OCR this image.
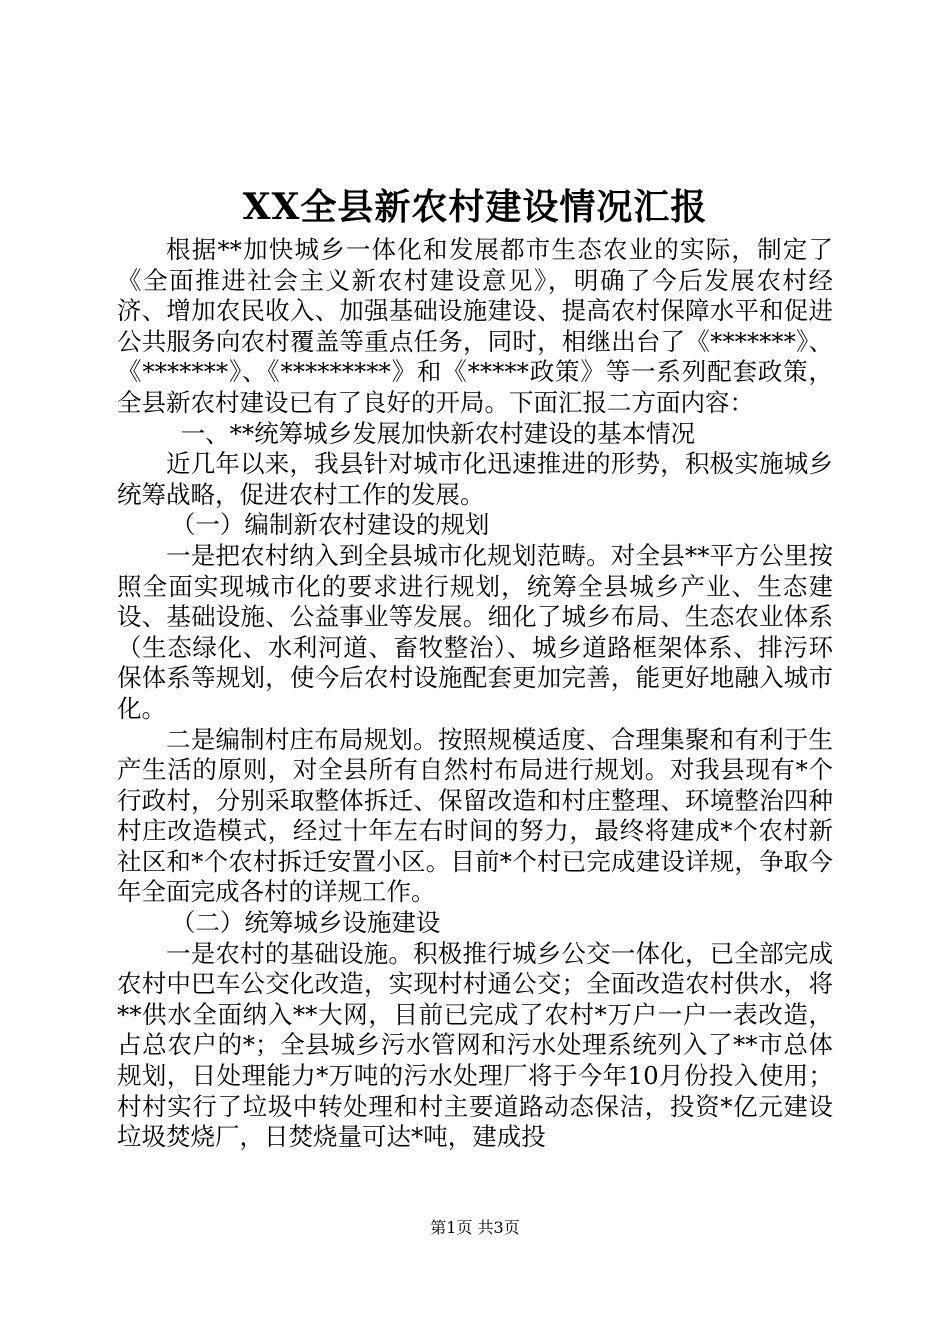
XX全县新农村建设情况汇报

根据**加快城乡一体化和发展都市生态农业的实际，制定了《全面推进社会主义新农村建设意见》，明确了今后发展农村经济、增加农民收入、加强基础设施建设、提高农村保障水平和促进公共服务向农村覆盖等重点任务，同时，相继出台了《*******》、《*******》、《*********》和《*****政策》等一系列配套政策，全县新农村建设已有了良好的开局。下面汇报二方面内容：

一、**统筹城乡发展加快新农村建设的基本情况

近几年以来，我县针对城市化迅速推进的形势，积极实施城乡统筹战略，促进农村工作的发展。

（一）编制新农村建设的规划

一是把农村纳入到全县城市化规划范畴。对全县**平方公里按照全面实现城市化的要求进行规划，统筹全县城乡产业、生态建设、基础设施、公益事业等发展。细化了城乡布局、生态农业体系（生态绿化、水利河道、畜牧整治）、城乡道路框架体系、排污环保体系等规划，使今后农村设施配套更加完善，能更好地融入城市化。

二是编制村庄布局规划。按照规模适度、合理集聚和有利于生产生活的原则，对全县所有自然村布局进行规划。对我县现有*个行政村，分别采取整体拆迁、保留改造和村庄整理、环境整治四种村庄改造模式，经过十年左右时间的努力，最终将建成*个农村新社区和*个农村拆迁安置小区。目前*个村已完成建设详规，争取今年全面完成各村的详规工作。

（二）统筹城乡设施建设

一是农村的基础设施。积极推行城乡公交一体化，已全部完成农村中巴车公交化改造，实现村村通公交；全面改造农村供水，将**供水全面纳入**大网，目前已完成了农村*万户一户一表改造，占总农户的*；全县城乡污水管网和污水处理系统列入了**市总体规划，日处理能力*万吨的污水处理厂将于今年10月份投入使用；村村实行了垃圾中转处理和村主要道路动态保洁，投资*亿元建设垃圾焚烧厂，日焚烧量可达*吨，建成投

第1页 共3页
